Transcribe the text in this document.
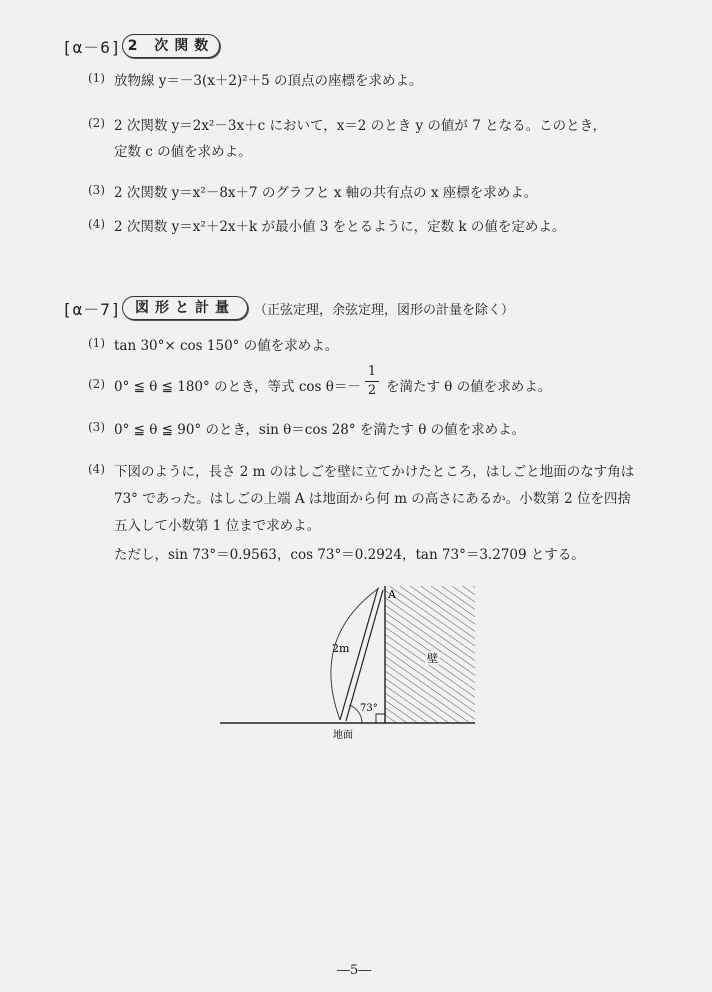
[α－6] 2 次関数
(1) 放物線 y＝－3(x＋2)²＋5 の頂点の座標を求めよ。
(2) 2 次関数 y＝2x²－3x＋c において，x＝2 のとき y の値が 7 となる。このとき，
定数 c の値を求めよ。
(3) 2 次関数 y＝x²－8x＋7 のグラフと x 軸の共有点の x 座標を求めよ。
(4) 2 次関数 y＝x²＋2x＋k が最小値 3 をとるように，定数 k の値を定めよ。
[α－7] 図形と計量	（正弦定理，余弦定理，図形の計量を除く）
(1) tan 30°× cos 150° の値を求めよ。
(2) 0° ≦ θ ≦ 180° のとき，等式 cos θ＝－
1
2 を満たす θ の値を求めよ。
(3) 0° ≦ θ ≦ 90° のとき，sin θ＝cos 28° を満たす θ の値を求めよ。
(4) 下図のように，長さ 2 m のはしごを壁に立てかけたところ，はしごと地面のなす角は
73° であった。はしごの上端 A は地面から何 m の高さにあるか。小数第 2 位を四捨
五入して小数第 1 位まで求めよ。
ただし，sin 73°＝0.9563，cos 73°＝0.2924，tan 73°＝3.2709 とする。
A
2m
壁
73°
地面
―5―
